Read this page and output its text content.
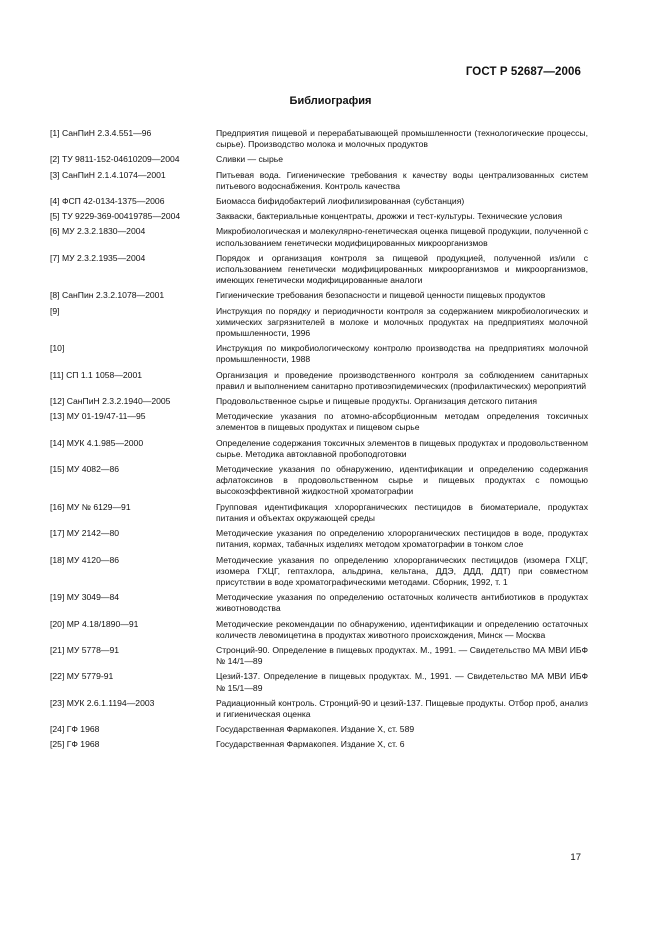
ГОСТ Р 52687—2006
Библиография
[1] СанПиН 2.3.4.551—96	Предприятия пищевой и перерабатывающей промышленности (технологические процессы, сырье). Производство молока и молочных продуктов
[2] ТУ 9811-152-04610209—2004	Сливки — сырье
[3] СанПиН 2.1.4.1074—2001	Питьевая вода. Гигиенические требования к качеству воды централизованных систем питьевого водоснабжения. Контроль качества
[4] ФСП 42-0134-1375—2006	Биомасса бифидобактерий лиофилизированная (субстанция)
[5] ТУ 9229-369-00419785—2004	Закваски, бактериальные концентраты, дрожжи и тест-культуры. Технические условия
[6] МУ 2.3.2.1830—2004	Микробиологическая и молекулярно-генетическая оценка пищевой продукции, полученной с использованием генетически модифицированных микроорганизмов
[7] МУ 2.3.2.1935—2004	Порядок и организация контроля за пищевой продукцией, полученной из/или с использованием генетически модифицированных микроорганизмов и микроорганизмов, имеющих генетически модифицированные аналоги
[8] СанПин 2.3.2.1078—2001	Гигиенические требования безопасности и пищевой ценности пищевых продуктов
[9]	Инструкция по порядку и периодичности контроля за содержанием микробиологических и химических загрязнителей в молоке и молочных продуктах на предприятиях молочной промышленности, 1996
[10]	Инструкция по микробиологическому контролю производства на предприятиях молочной промышленности, 1988
[11] СП 1.1 1058—2001	Организация и проведение производственного контроля за соблюдением санитарных правил и выполнением санитарно противоэпидемических (профилактических) мероприятий
[12] СанПиН 2.3.2.1940—2005	Продовольственное сырье и пищевые продукты. Организация детского питания
[13] МУ 01-19/47-11—95	Методические указания по атомно-абсорбционным методам определения токсичных элементов в пищевых продуктах и пищевом сырье
[14] МУК 4.1.985—2000	Определение содержания токсичных элементов в пищевых продуктах и продовольственном сырье. Методика автоклавной пробоподготовки
[15] МУ 4082—86	Методические указания по обнаружению, идентификации и определению содержания афлатоксинов в продовольственном сырье и пищевых продуктах с помощью высокоэффективной жидкостной хроматографии
[16] МУ № 6129—91	Групповая идентификация хлорорганических пестицидов в биоматериале, продуктах питания и объектах окружающей среды
[17] МУ 2142—80	Методические указания по определению хлорорганических пестицидов в воде, продуктах питания, кормах, табачных изделиях методом хроматографии в тонком слое
[18] МУ 4120—86	Методические указания по определению хлорорганических пестицидов (изомера ГХЦГ, изомера ГХЦГ, гептахлора, альдрина, кельтана, ДДЭ, ДДД, ДДТ) при совместном присутствии в воде хроматографическими методами. Сборник, 1992, т. 1
[19] МУ 3049—84	Методические указания по определению остаточных количеств антибиотиков в продуктах животноводства
[20] МР 4.18/1890—91	Методические рекомендации по обнаружению, идентификации и определению остаточных количеств левомицетина в продуктах животного происхождения, Минск — Москва
[21] МУ 5778—91	Стронций-90. Определение в пищевых продуктах. М., 1991. — Свидетельство МА МВИ ИБФ № 14/1—89
[22] МУ 5779-91	Цезий-137. Определение в пищевых продуктах. М., 1991. — Свидетельство МА МВИ ИБФ № 15/1—89
[23] МУК 2.6.1.1194—2003	Радиационный контроль. Стронций-90 и цезий-137. Пищевые продукты. Отбор проб, анализ и гигиеническая оценка
[24] ГФ 1968	Государственная Фармакопея. Издание X, ст. 589
[25] ГФ 1968	Государственная Фармакопея. Издание X, ст. 6
17
